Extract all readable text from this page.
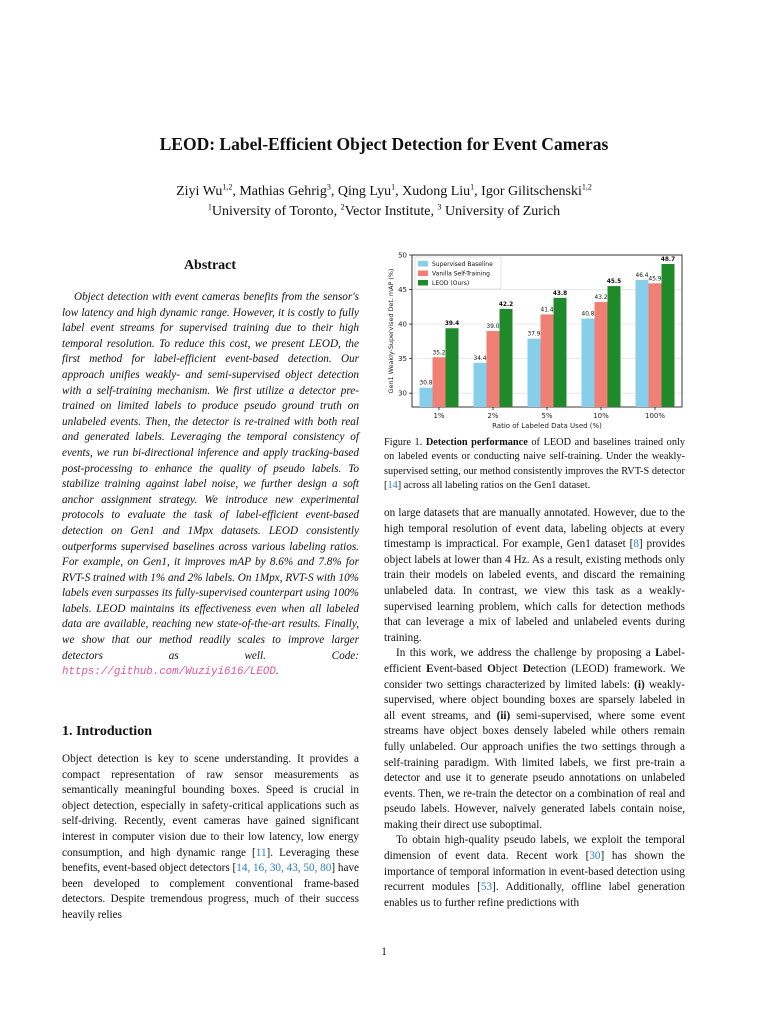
LEOD: Label-Efficient Object Detection for Event Cameras
Ziyi Wu$^{1,2}$, Mathias Gehrig$^3$, Qing Lyu$^1$, Xudong Liu$^1$, Igor Gilitschenski$^{1,2}$
$^1$University of Toronto, $^2$Vector Institute, $^3$ University of Zurich
Abstract
Object detection with event cameras benefits from the sensor's low latency and high dynamic range. However, it is costly to fully label event streams for supervised training due to their high temporal resolution. To reduce this cost, we present LEOD, the first method for label-efficient event-based detection. Our approach unifies weakly- and semi-supervised object detection with a self-training mechanism. We first utilize a detector pre-trained on limited labels to produce pseudo ground truth on unlabeled events. Then, the detector is re-trained with both real and generated labels. Leveraging the temporal consistency of events, we run bi-directional inference and apply tracking-based post-processing to enhance the quality of pseudo labels. To stabilize training against label noise, we further design a soft anchor assignment strategy. We introduce new experimental protocols to evaluate the task of label-efficient event-based detection on Gen1 and 1Mpx datasets. LEOD consistently outperforms supervised baselines across various labeling ratios. For example, on Gen1, it improves mAP by 8.6% and 7.8% for RVT-S trained with 1% and 2% labels. On 1Mpx, RVT-S with 10% labels even surpasses its fully-supervised counterpart using 100% labels. LEOD maintains its effectiveness even when all labeled data are available, reaching new state-of-the-art results. Finally, we show that our method readily scales to improve larger detectors as well. Code: https://github.com/Wuziyi616/LEOD.
1. Introduction
Object detection is key to scene understanding. It provides a compact representation of raw sensor measurements as semantically meaningful bounding boxes. Speed is crucial in object detection, especially in safety-critical applications such as self-driving. Recently, event cameras have gained significant interest in computer vision due to their low latency, low energy consumption, and high dynamic range [11]. Leveraging these benefits, event-based object detectors [14, 16, 30, 43, 50, 80] have been developed to complement conventional frame-based detectors. Despite tremendous progress, much of their success heavily relies
30
35
40
45
50
30.8
35.2
39.4
1%
34.4
39.0
42.2
2%
37.9
41.4
43.8
5%
40.8
43.2
45.5
10%
46.4
45.9
48.7
100%
Ratio of Labeled Data Used (%)
Gen1 Weakly-Supervised Det. mAP (%)
Supervised Baseline
Vanilla Self-Training
LEOD (Ours)
Figure 1. Detection performance of LEOD and baselines trained only on labeled events or conducting naive self-training. Under the weakly-supervised setting, our method consistently improves the RVT-S detector [14] across all labeling ratios on the Gen1 dataset.

on large datasets that are manually annotated. However, due to the high temporal resolution of event data, labeling objects at every timestamp is impractical. For example, Gen1 dataset [8] provides object labels at lower than 4 Hz. As a result, existing methods only train their models on labeled events, and discard the remaining unlabeled data. In contrast, we view this task as a weakly-supervised learning problem, which calls for detection methods that can leverage a mix of labeled and unlabeled events during training.

In this work, we address the challenge by proposing a Label-efficient Event-based Object Detection (LEOD) framework. We consider two settings characterized by limited labels: (i) weakly-supervised, where object bounding boxes are sparsely labeled in all event streams, and (ii) semi-supervised, where some event streams have object boxes densely labeled while others remain fully unlabeled. Our approach unifies the two settings through a self-training paradigm. With limited labels, we first pre-train a detector and use it to generate pseudo annotations on unlabeled events. Then, we re-train the detector on a combination of real and pseudo labels. However, naïvely generated labels contain noise, making their direct use suboptimal.

To obtain high-quality pseudo labels, we exploit the temporal dimension of event data. Recent work [30] has shown the importance of temporal information in event-based detection using recurrent modules [53]. Additionally, offline label generation enables us to further refine predictions with

1
